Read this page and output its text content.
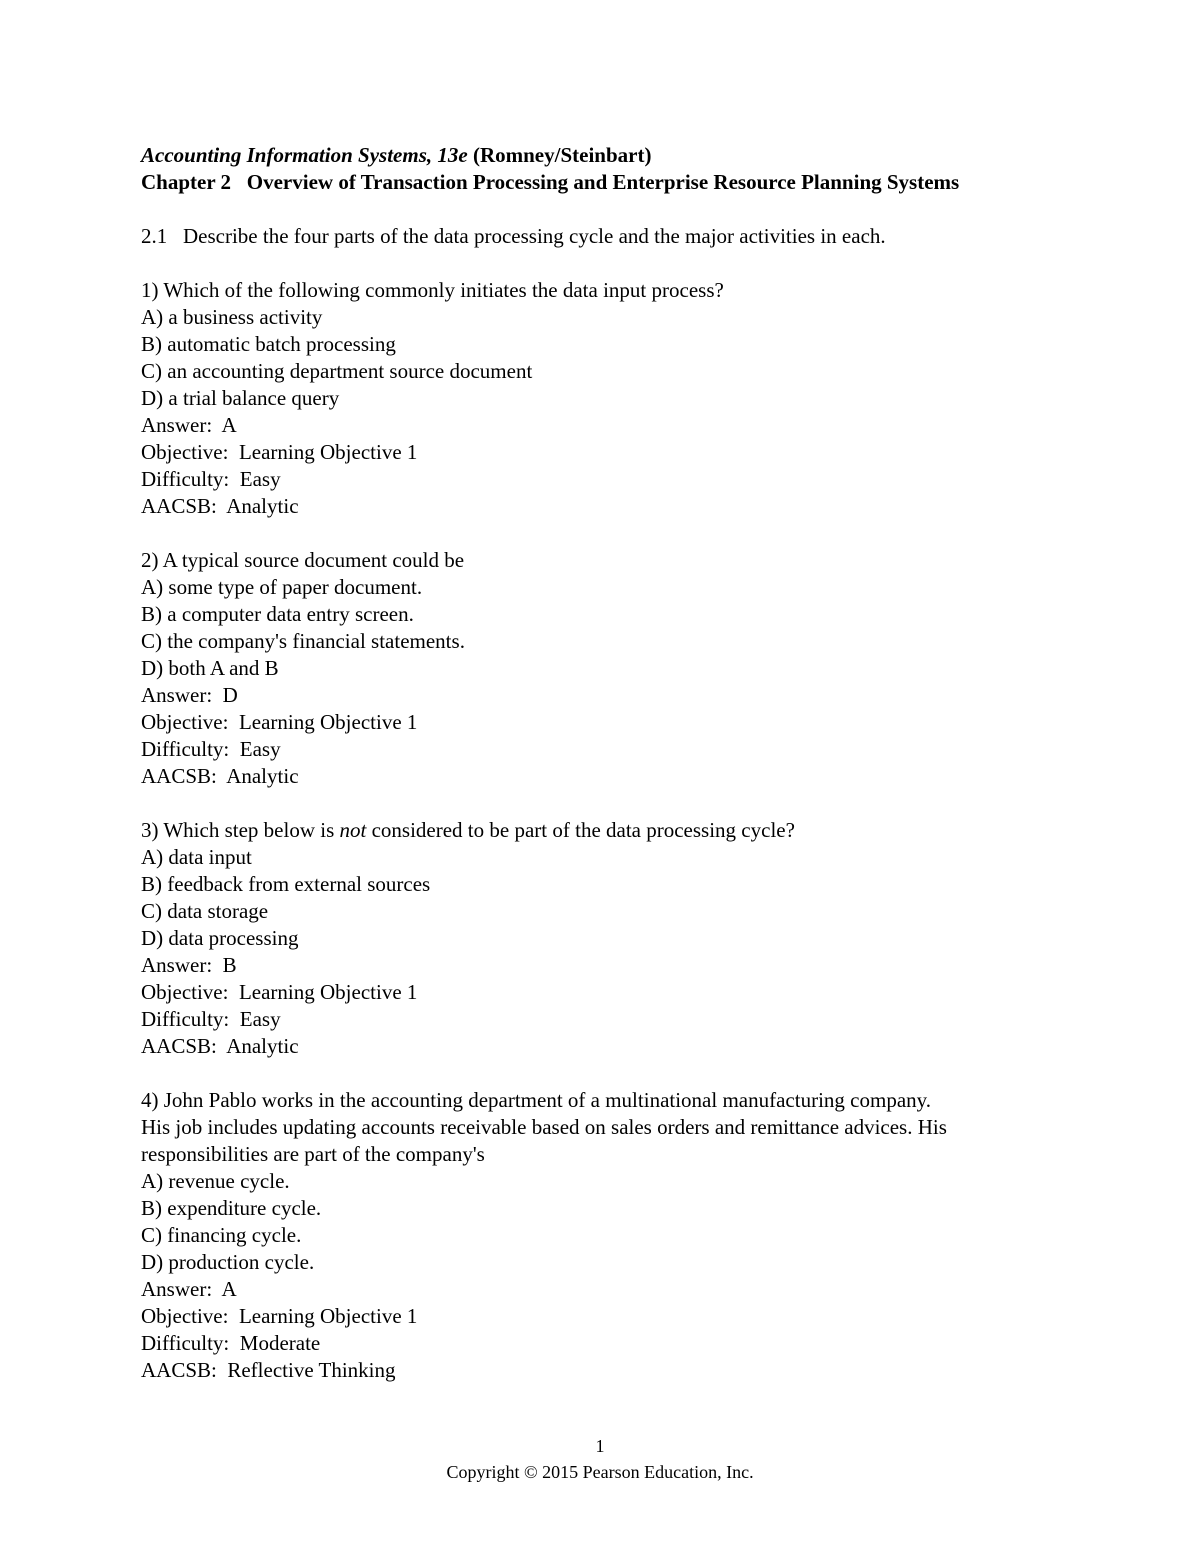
Accounting Information Systems, 13e (Romney/Steinbart)
Chapter 2   Overview of Transaction Processing and Enterprise Resource Planning Systems
2.1   Describe the four parts of the data processing cycle and the major activities in each.
1) Which of the following commonly initiates the data input process?
A) a business activity
B) automatic batch processing
C) an accounting department source document
D) a trial balance query
Answer:  A
Objective:  Learning Objective 1
Difficulty:  Easy
AACSB:  Analytic
2) A typical source document could be
A) some type of paper document.
B) a computer data entry screen.
C) the company's financial statements.
D) both A and B
Answer:  D
Objective:  Learning Objective 1
Difficulty:  Easy
AACSB:  Analytic
3) Which step below is not considered to be part of the data processing cycle?
A) data input
B) feedback from external sources
C) data storage
D) data processing
Answer:  B
Objective:  Learning Objective 1
Difficulty:  Easy
AACSB:  Analytic
4) John Pablo works in the accounting department of a multinational manufacturing company.
His job includes updating accounts receivable based on sales orders and remittance advices. His
responsibilities are part of the company's
A) revenue cycle.
B) expenditure cycle.
C) financing cycle.
D) production cycle.
Answer:  A
Objective:  Learning Objective 1
Difficulty:  Moderate
AACSB:  Reflective Thinking
1
Copyright © 2015 Pearson Education, Inc.
